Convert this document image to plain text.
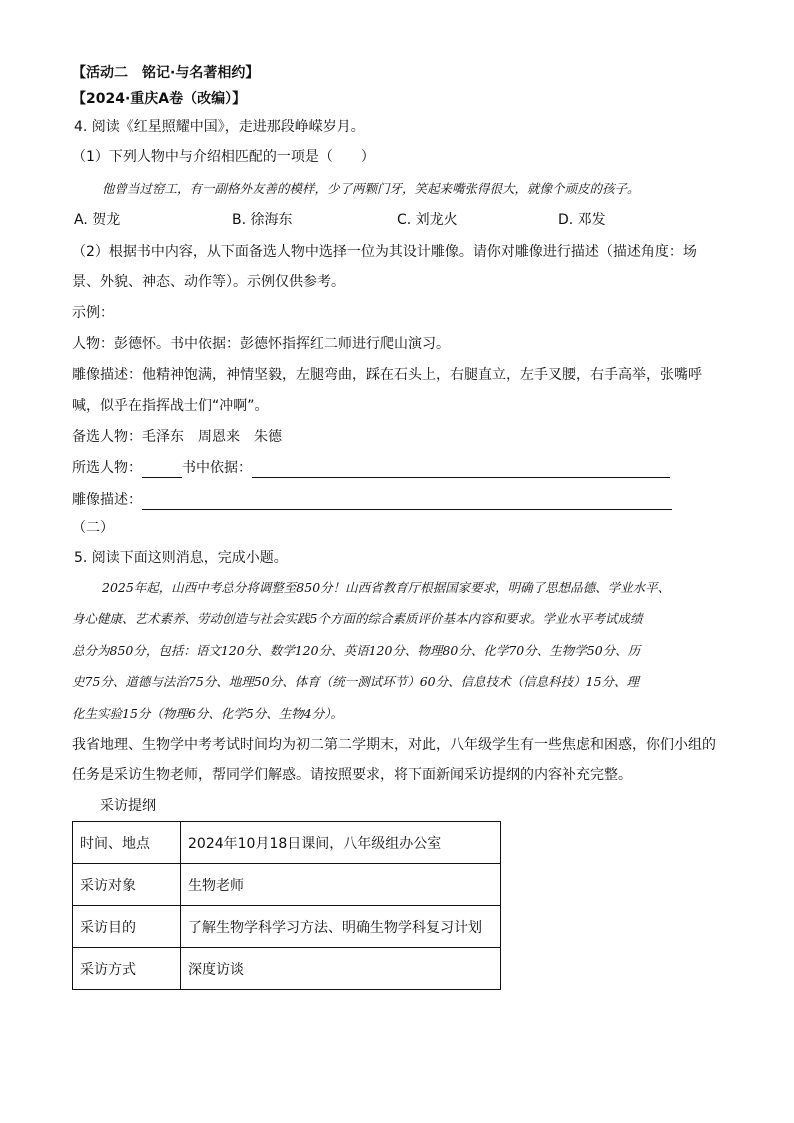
【活动二　铭记·与名著相约】
【2024·重庆A卷（改编）】
4. 阅读《红星照耀中国》，走进那段峥嵘岁月。
（1）下列人物中与介绍相匹配的一项是（　　）
他曾当过窑工，有一副格外友善的模样，少了两颗门牙，笑起来嘴张得很大，就像个顽皮的孩子。
A. 贺龙	B. 徐海东	C. 刘龙火	D. 邓发
（2）根据书中内容，从下面备选人物中选择一位为其设计雕像。请你对雕像进行描述（描述角度：场
景、外貌、神态、动作等）。示例仅供参考。
示例：
人物：彭德怀。书中依据：彭德怀指挥红二师进行爬山演习。
雕像描述：他精神饱满，神情坚毅，左腿弯曲，踩在石头上，右腿直立，左手叉腰，右手高举，张嘴呼
喊，似乎在指挥战士们“冲啊”。
备选人物：毛泽东　周恩来　朱德
所选人物：	书中依据：
雕像描述：
（二）
5. 阅读下面这则消息，完成小题。
2025年起，山西中考总分将调整至850分！山西省教育厅根据国家要求，明确了思想品德、学业水平、
身心健康、艺术素养、劳动创造与社会实践5个方面的综合素质评价基本内容和要求。学业水平考试成绩
总分为850分，包括：语文120分、数学120分、英语120分、物理80分、化学70分、生物学50分、历
史75分、道德与法治75分、地理50分、体育（统一测试环节）60分、信息技术（信息科技）15分、理
化生实验15分（物理6分、化学5分、生物4分）。
我省地理、生物学中考考试时间均为初二第二学期末，对此，八年级学生有一些焦虑和困惑，你们小组的
任务是采访生物老师，帮同学们解惑。请按照要求，将下面新闻采访提纲的内容补充完整。
采访提纲
时间、地点	2024年10月18日课间，八年级组办公室
采访对象	生物老师
采访目的	了解生物学科学习方法、明确生物学科复习计划
采访方式	深度访谈
